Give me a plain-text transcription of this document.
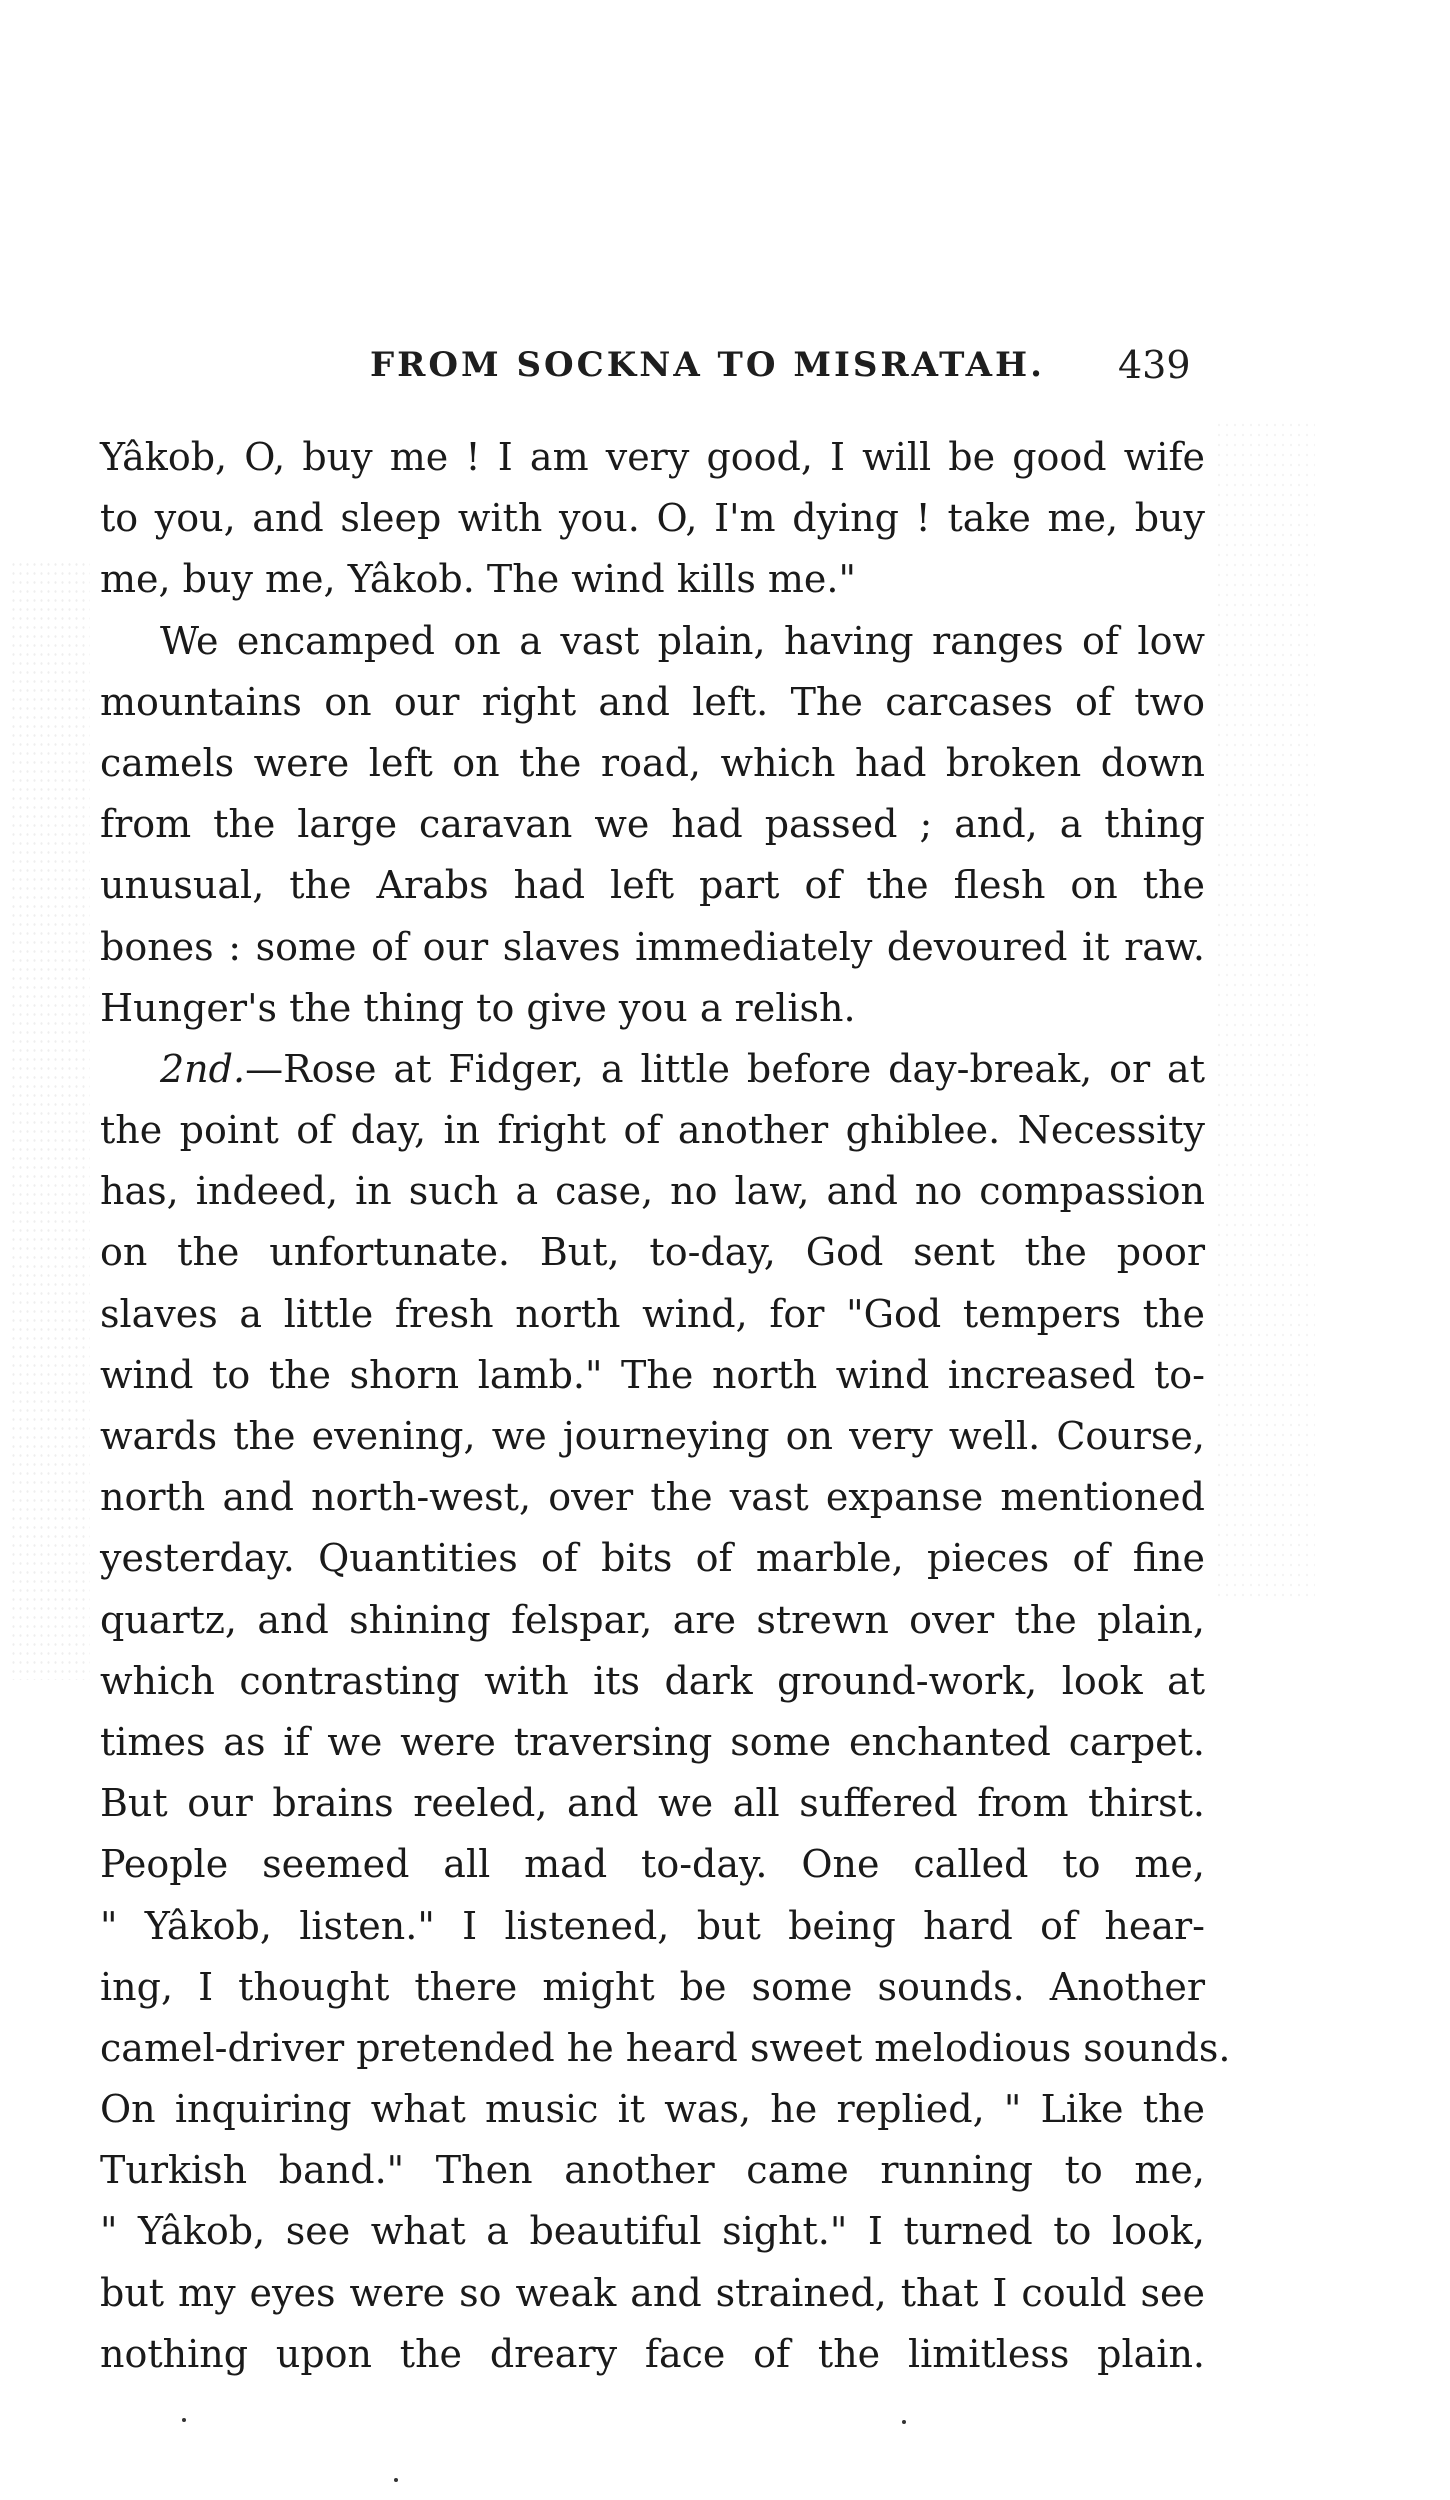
FROM SOCKNA TO MISRATAH. 439
Yâkob, O, buy me ! I am very good, I will be good wife
to you, and sleep with you. O, I'm dying ! take me, buy
me, buy me, Yâkob. The wind kills me."
We encamped on a vast plain, having ranges of low
mountains on our right and left. The carcases of two
camels were left on the road, which had broken down
from the large caravan we had passed ; and, a thing
unusual, the Arabs had left part of the flesh on the
bones : some of our slaves immediately devoured it raw.
Hunger's the thing to give you a relish.
2nd.—Rose at Fidger, a little before day-break, or at
the point of day, in fright of another ghiblee. Necessity
has, indeed, in such a case, no law, and no compassion
on the unfortunate. But, to-day, God sent the poor
slaves a little fresh north wind, for "God tempers the
wind to the shorn lamb." The north wind increased to-
wards the evening, we journeying on very well. Course,
north and north-west, over the vast expanse mentioned
yesterday. Quantities of bits of marble, pieces of fine
quartz, and shining felspar, are strewn over the plain,
which contrasting with its dark ground-work, look at
times as if we were traversing some enchanted carpet.
But our brains reeled, and we all suffered from thirst.
People seemed all mad to-day. One called to me,
" Yâkob, listen." I listened, but being hard of hear-
ing, I thought there might be some sounds. Another
camel-driver pretended he heard sweet melodious sounds.
On inquiring what music it was, he replied, " Like the
Turkish band." Then another came running to me,
" Yâkob, see what a beautiful sight." I turned to look,
but my eyes were so weak and strained, that I could see
nothing upon the dreary face of the limitless plain.
